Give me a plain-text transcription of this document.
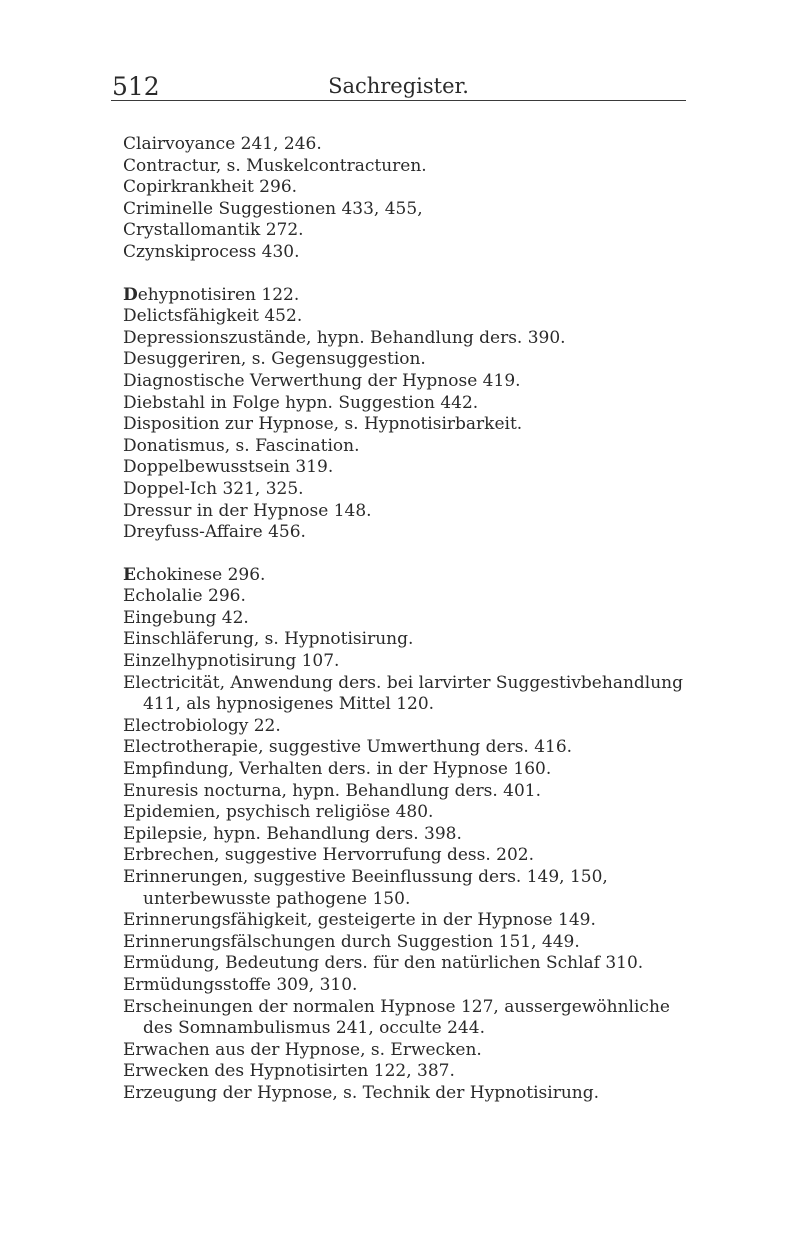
512	Sachregister.
Clairvoyance 241, 246.
Contractur, s. Muskelcontracturen.
Copirkrankheit 296.
Criminelle Suggestionen 433, 455,
Crystallomantik 272.
Czynskiprocess 430.
Dehypnotisiren 122.
Delictsfähigkeit 452.
Depressionszustände, hypn. Behandlung ders. 390.
Desuggeriren, s. Gegensuggestion.
Diagnostische Verwerthung der Hypnose 419.
Diebstahl in Folge hypn. Suggestion 442.
Disposition zur Hypnose, s. Hypnotisirbarkeit.
Donatismus, s. Fascination.
Doppelbewusstsein 319.
Doppel-Ich 321, 325.
Dressur in der Hypnose 148.
Dreyfuss-Affaire 456.
Echokinese 296.
Echolalie 296.
Eingebung 42.
Einschläferung, s. Hypnotisirung.
Einzelhypnotisirung 107.
Electricität, Anwendung ders. bei larvirter Suggestivbehandlung 411, als hypnosigenes Mittel 120.
Electrobiology 22.
Electrotherapie, suggestive Umwerthung ders. 416.
Empfindung, Verhalten ders. in der Hypnose 160.
Enuresis nocturna, hypn. Behandlung ders. 401.
Epidemien, psychisch religiöse 480.
Epilepsie, hypn. Behandlung ders. 398.
Erbrechen, suggestive Hervorrufung dess. 202.
Erinnerungen, suggestive Beeinflussung ders. 149, 150, unterbewusste pathogene 150.
Erinnerungsfähigkeit, gesteigerte in der Hypnose 149.
Erinnerungsfälschungen durch Suggestion 151, 449.
Ermüdung, Bedeutung ders. für den natürlichen Schlaf 310.
Ermüdungsstoffe 309, 310.
Erscheinungen der normalen Hypnose 127, aussergewöhnliche des Somnambulismus 241, occulte 244.
Erwachen aus der Hypnose, s. Erwecken.
Erwecken des Hypnotisirten 122, 387.
Erzeugung der Hypnose, s. Technik der Hypnotisirung.
